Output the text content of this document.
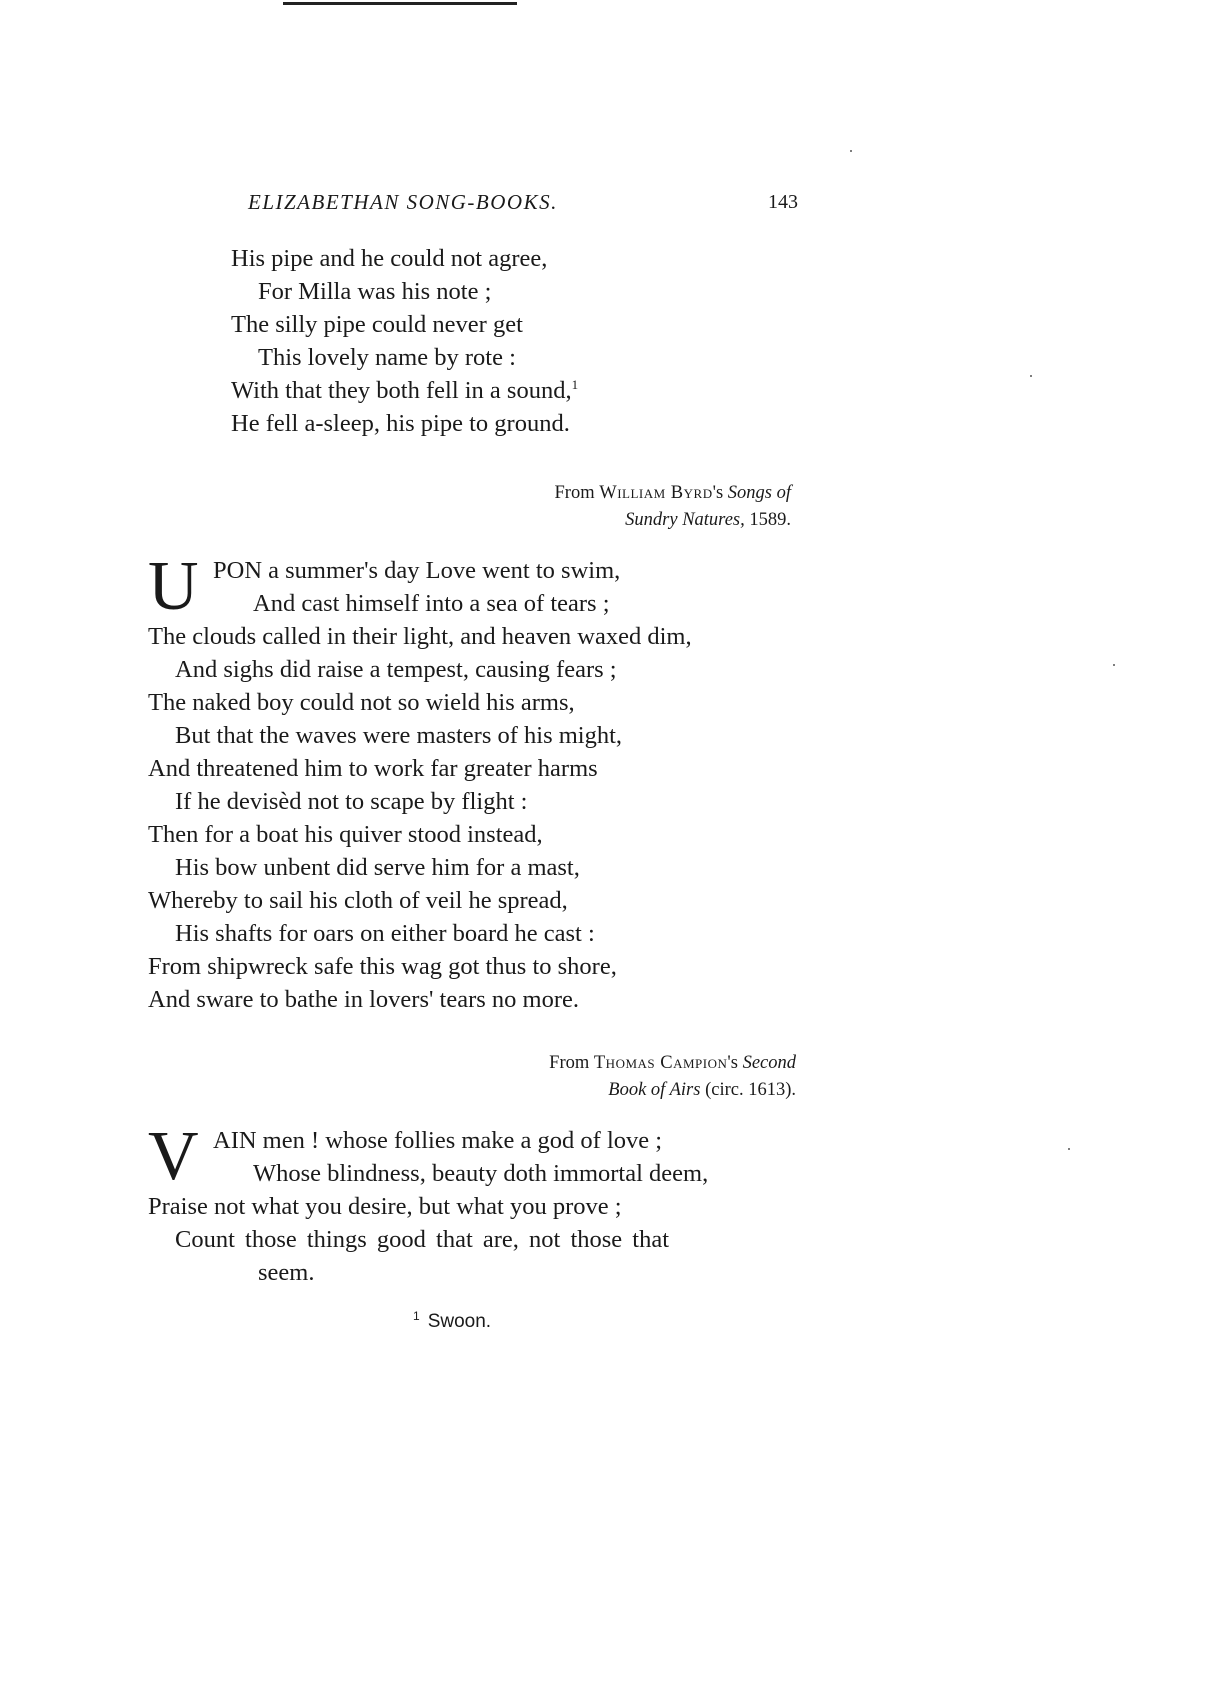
ELIZABETHAN SONG-BOOKS.	143
His pipe and he could not agree,
For Milla was his note ;
The silly pipe could never get
This lovely name by rote :
With that they both fell in a sound,$^1$
He fell a-sleep, his pipe to ground.
From William Byrd's Songs of
Sundry Natures, 1589.
U PON a summer's day Love went to swim,
And cast himself into a sea of tears ;
The clouds called in their light, and heaven waxed dim,
And sighs did raise a tempest, causing fears ;
The naked boy could not so wield his arms,
But that the waves were masters of his might,
And threatened him to work far greater harms
If he devisèd not to scape by flight :
Then for a boat his quiver stood instead,
His bow unbent did serve him for a mast,
Whereby to sail his cloth of veil he spread,
His shafts for oars on either board he cast :
From shipwreck safe this wag got thus to shore,
And sware to bathe in lovers' tears no more.
From Thomas Campion's Second
Book of Airs (circ. 1613).
V AIN men ! whose follies make a god of love ;
Whose blindness, beauty doth immortal deem,
Praise not what you desire, but what you prove ;
Count those things good that are, not those that
seem.
$^1$ Swoon.
